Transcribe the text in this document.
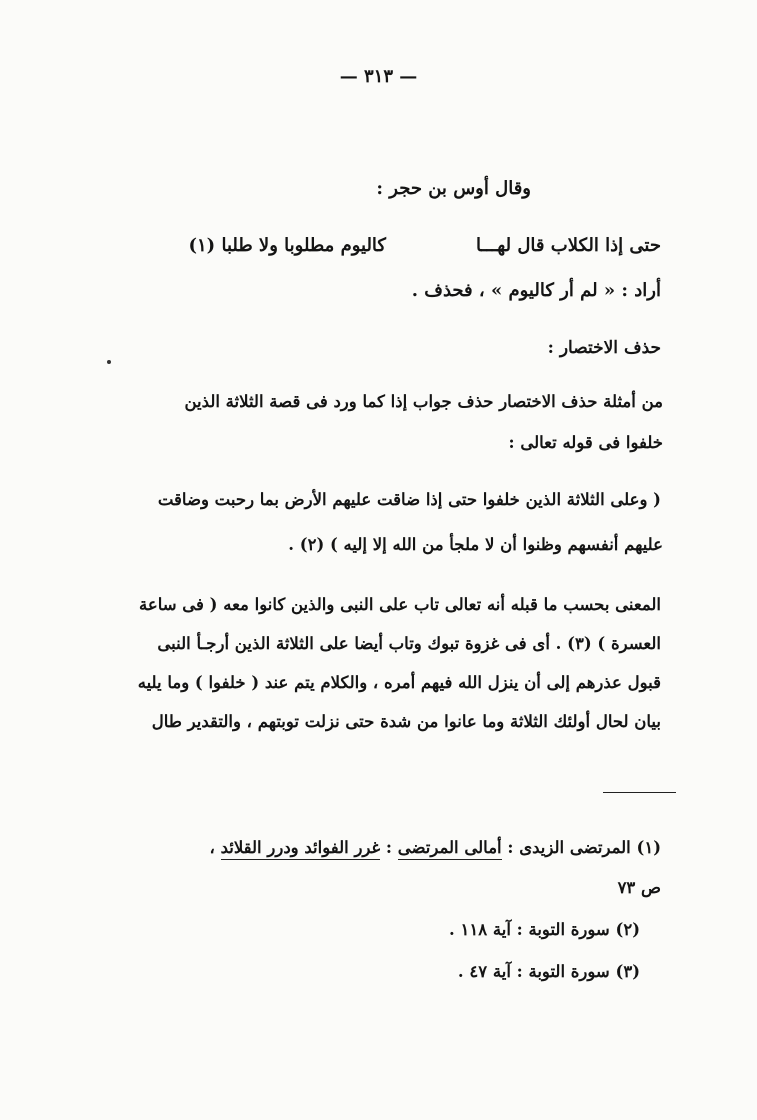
— ٣١٣ —
وقال أوس بن حجر :
حتى إذا الكلاب قال لهـــا
كاليوم مطلوبا ولا طلبا (١)
أراد : « لم أر كاليوم » ، فحذف .
حذف الاختصار :
من أمثلة حذف الاختصار حذف جواب إذا كما ورد فى قصة الثلاثة الذين
خلفوا فى قوله تعالى :
( وعلى الثلاثة الذين خلفوا حتى إذا ضاقت عليهم الأرض بما رحبت وضاقت
عليهم أنفسهم وظنوا أن لا ملجأ من الله إلا إليه ) (٢) .
المعنى بحسب ما قبله أنه تعالى تاب على النبى والذين كانوا معه ( فى ساعة
العسرة ) (٣) . أى فى غزوة تبوك وتاب أيضا على الثلاثة الذين أرجـأ النبى
قبول عذرهم إلى أن ينزل الله فيهم أمره ، والكلام يتم عند ( خلفوا ) وما يليه
بيان لحال أولئك الثلاثة وما عانوا من شدة حتى نزلت توبتهم ، والتقدير طال
(١) المرتضى الزيدى : أمالى المرتضى : غرر الفوائد ودرر القلائد ،
ص ٧٣
(٢) سورة التوبة : آية ١١٨ .
(٣) سورة التوبة : آية ٤٧ .
